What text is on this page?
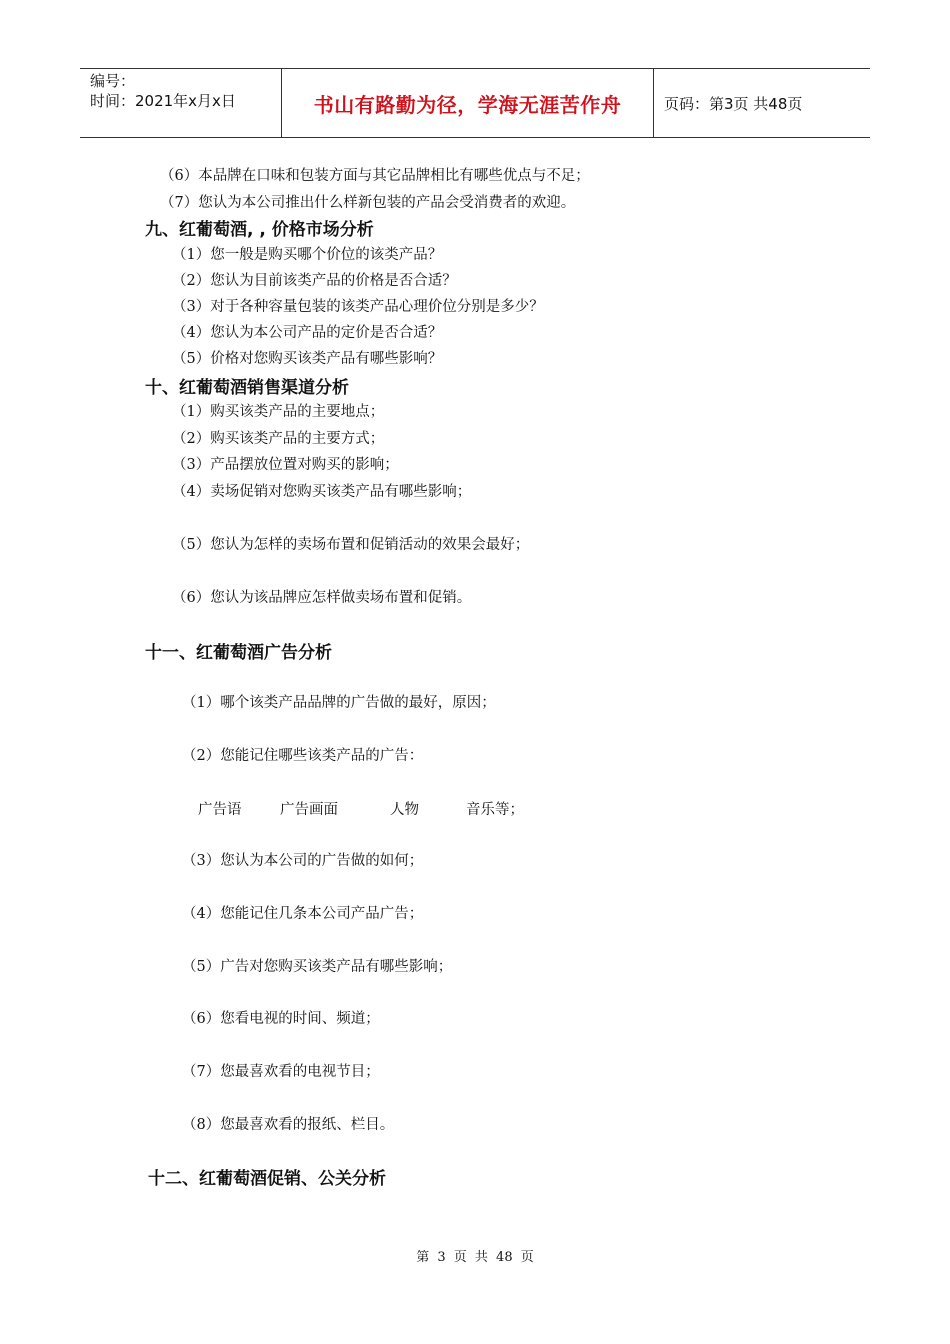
编号：
时间：2021年x月x日	书山有路勤为径，学海无涯苦作舟	页码：第3页 共48页
（6）本品牌在口味和包装方面与其它品牌相比有哪些优点与不足；
（7）您认为本公司推出什么样新包装的产品会受消费者的欢迎。
九、红葡萄酒, , 价格市场分析
（1）您一般是购买哪个价位的该类产品？
（2）您认为目前该类产品的价格是否合适？
（3）对于各种容量包装的该类产品心理价位分别是多少？
（4）您认为本公司产品的定价是否合适？
（5）价格对您购买该类产品有哪些影响？
十、红葡萄酒销售渠道分析
（1）购买该类产品的主要地点；
（2）购买该类产品的主要方式；
（3）产品摆放位置对购买的影响；
（4）卖场促销对您购买该类产品有哪些影响；
（5）您认为怎样的卖场布置和促销活动的效果会最好；
（6）您认为该品牌应怎样做卖场布置和促销。
十一、红葡萄酒广告分析
（1）哪个该类产品品牌的广告做的最好，原因；
（2）您能记住哪些该类产品的广告：
广告语	广告画面	人物	音乐等；
（3）您认为本公司的广告做的如何；
（4）您能记住几条本公司产品广告；
（5）广告对您购买该类产品有哪些影响；
（6）您看电视的时间、频道；
（7）您最喜欢看的电视节目；
（8）您最喜欢看的报纸、栏目。
十二、红葡萄酒促销、公关分析
第 3 页 共 48 页
